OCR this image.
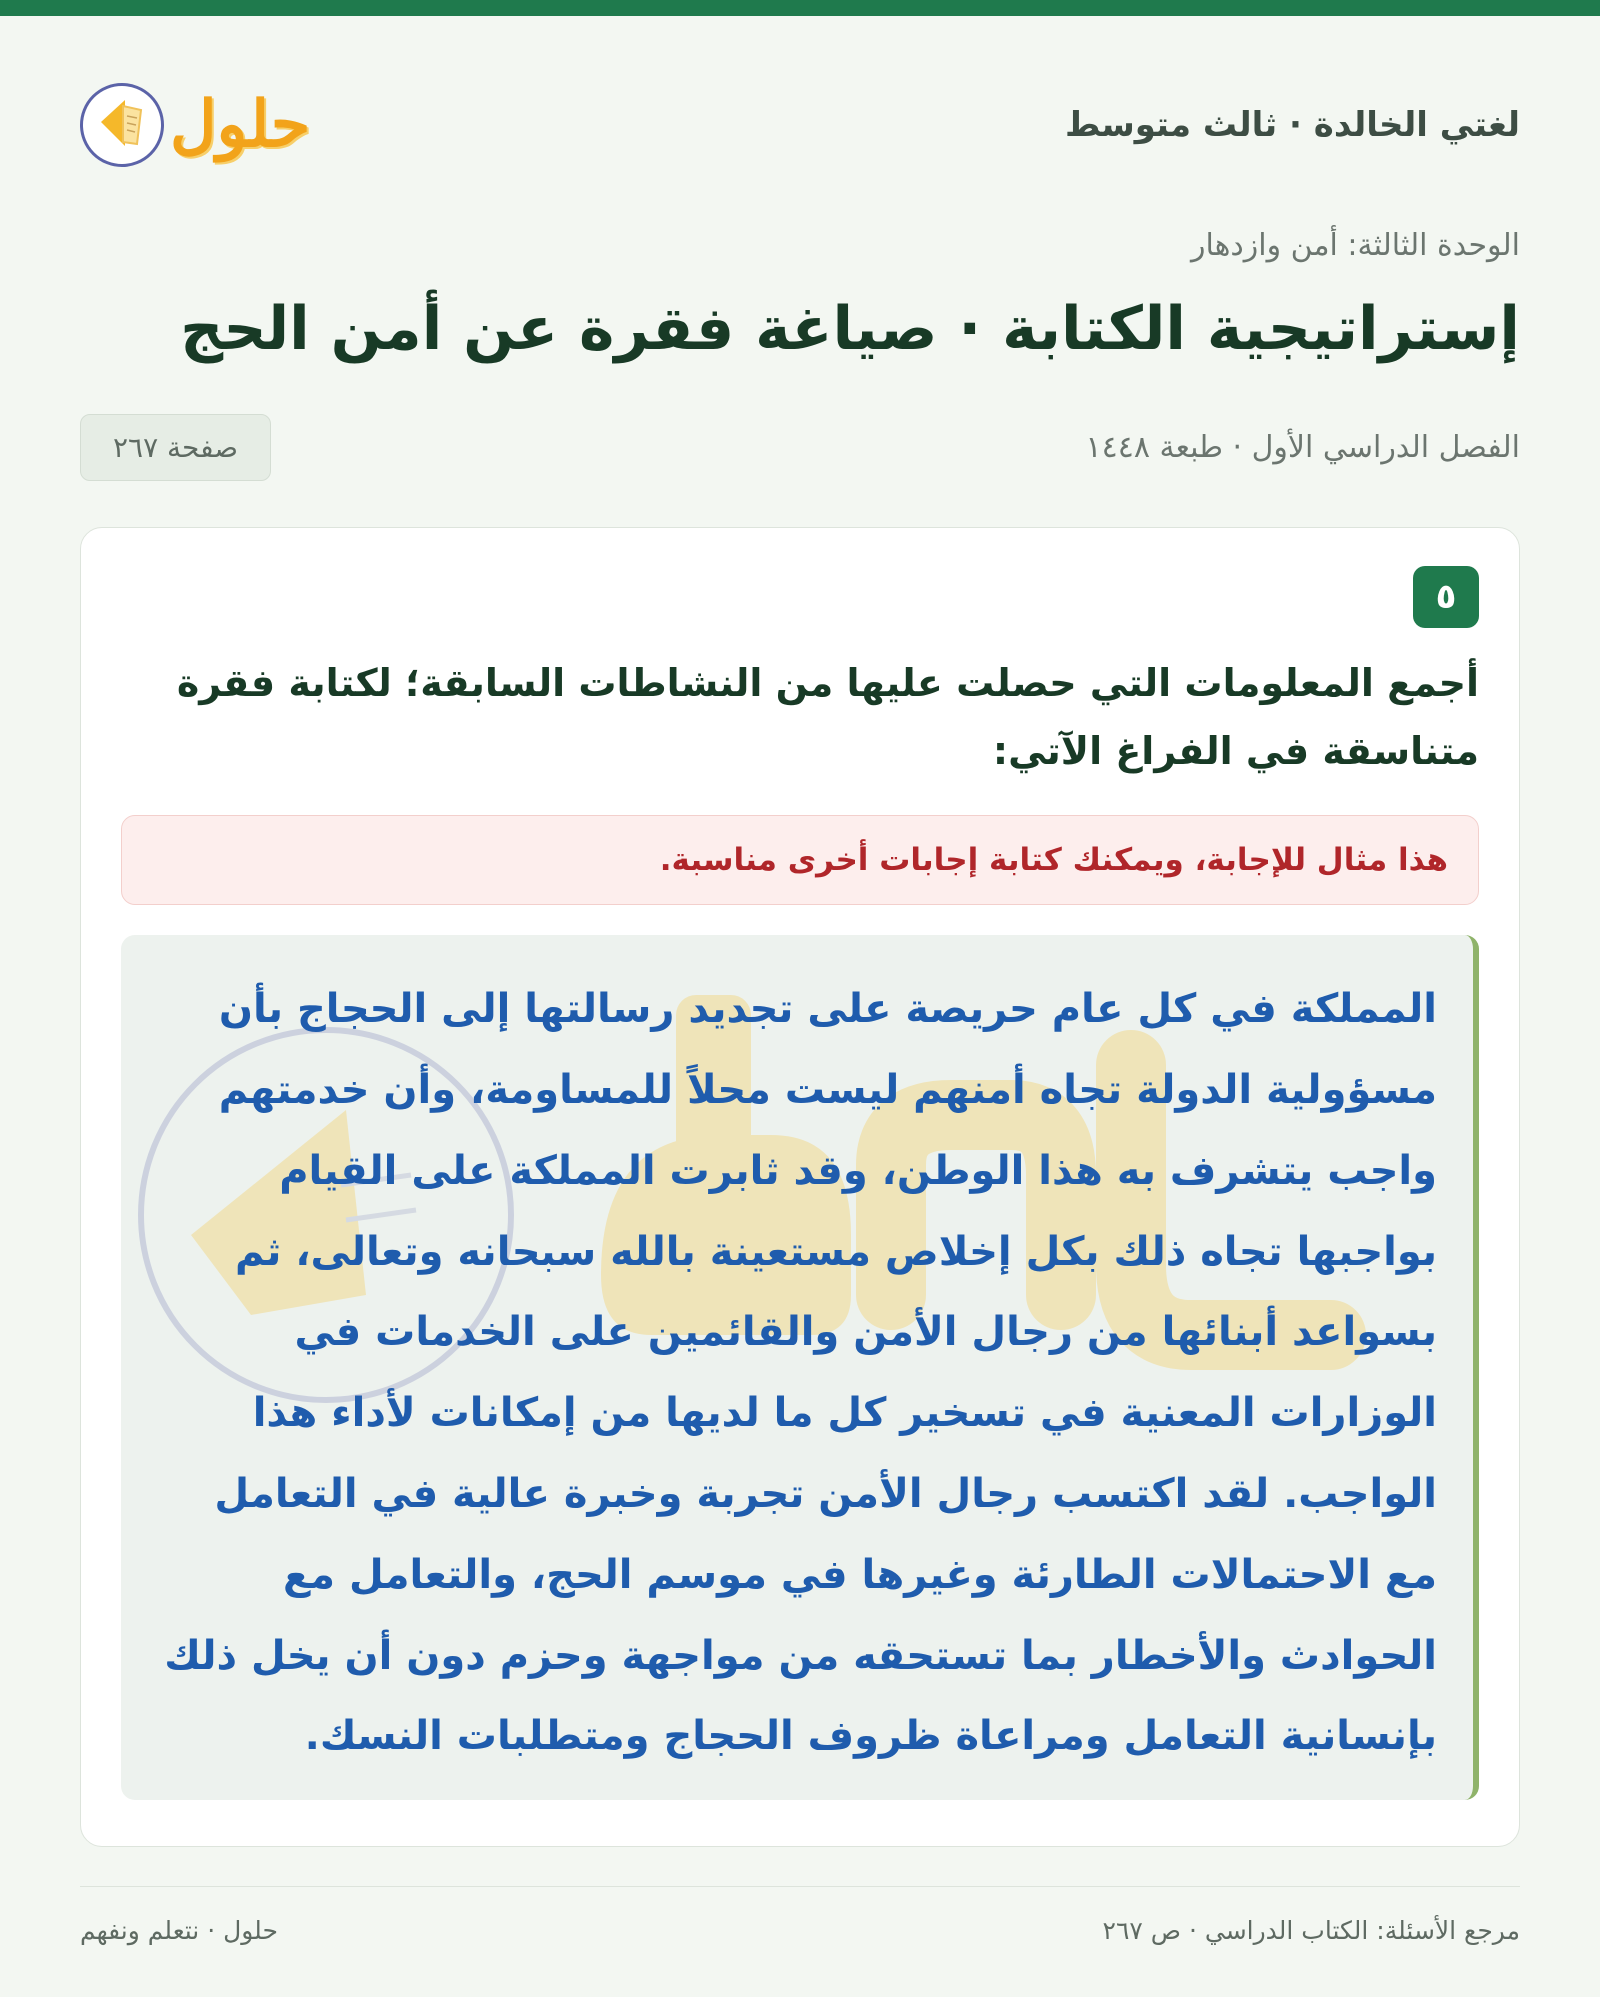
لغتي الخالدة · ثالث متوسط
حلول
الوحدة الثالثة: أمن وازدهار
إستراتيجية الكتابة · صياغة فقرة عن أمن الحج
الفصل الدراسي الأول · طبعة ١٤٤٨
صفحة ٢٦٧
٥
أجمع المعلومات التي حصلت عليها من النشاطات السابقة؛ لكتابة فقرة متناسقة في الفراغ الآتي:
هذا مثال للإجابة، ويمكنك كتابة إجابات أخرى مناسبة.

المملكة في كل عام حريصة على تجديد رسالتها إلى الحجاج بأن مسؤولية الدولة تجاه أمنهم ليست محلاً للمساومة، وأن خدمتهم واجب يتشرف به هذا الوطن، وقد ثابرت المملكة على القيام بواجبها تجاه ذلك بكل إخلاص مستعينة بالله سبحانه وتعالى، ثم بسواعد أبنائها من رجال الأمن والقائمين على الخدمات في الوزارات المعنية في تسخير كل ما لديها من إمكانات لأداء هذا الواجب. لقد اكتسب رجال الأمن تجربة وخبرة عالية في التعامل مع الاحتمالات الطارئة وغيرها في موسم الحج، والتعامل مع الحوادث والأخطار بما تستحقه من مواجهة وحزم دون أن يخل ذلك بإنسانية التعامل ومراعاة ظروف الحجاج ومتطلبات النسك.

مرجع الأسئلة: الكتاب الدراسي · ص ٢٦٧
حلول · نتعلم ونفهم
